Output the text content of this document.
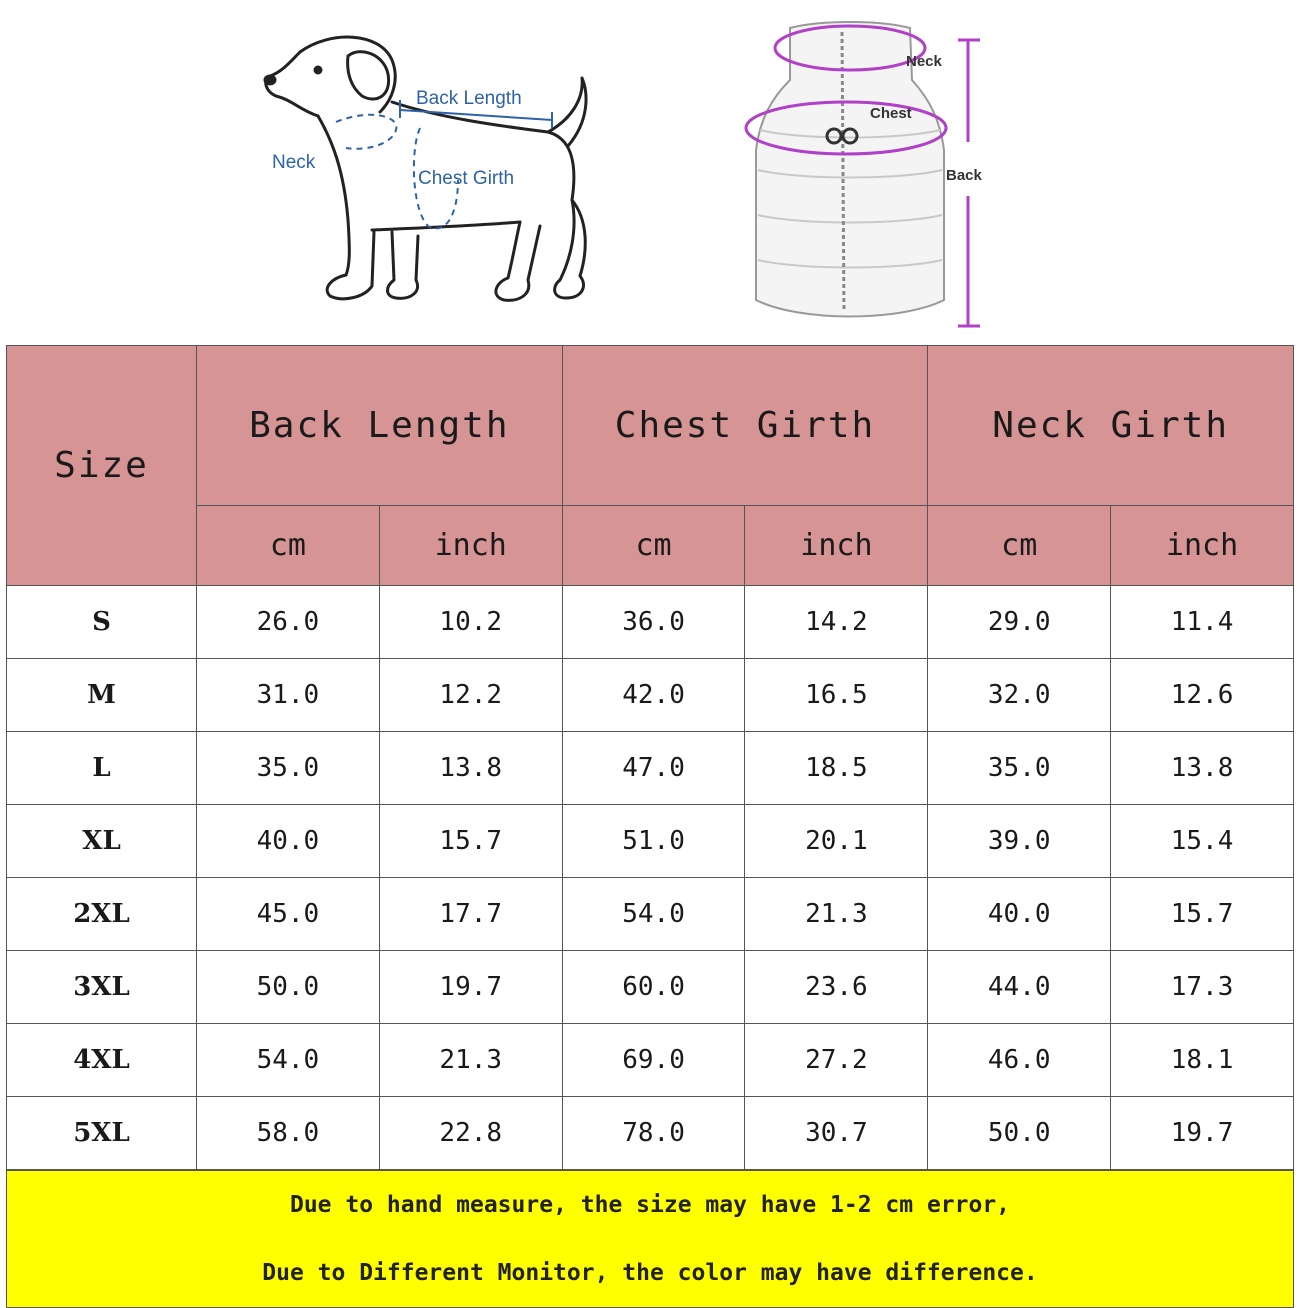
Back Length
Neck
Chest Girth
Neck
Chest
Back
Size	Back Length		Chest Girth		Neck Girth	
	cm	inch	cm	inch	cm	inch
S	26.0	10.2	36.0	14.2	29.0	11.4
M	31.0	12.2	42.0	16.5	32.0	12.6
L	35.0	13.8	47.0	18.5	35.0	13.8
XL	40.0	15.7	51.0	20.1	39.0	15.4
2XL	45.0	17.7	54.0	21.3	40.0	15.7
3XL	50.0	19.7	60.0	23.6	44.0	17.3
4XL	54.0	21.3	69.0	27.2	46.0	18.1
5XL	58.0	22.8	78.0	30.7	50.0	19.7
Due to hand measure, the size may have 1-2 cm error,
Due to Different Monitor, the color may have difference.
